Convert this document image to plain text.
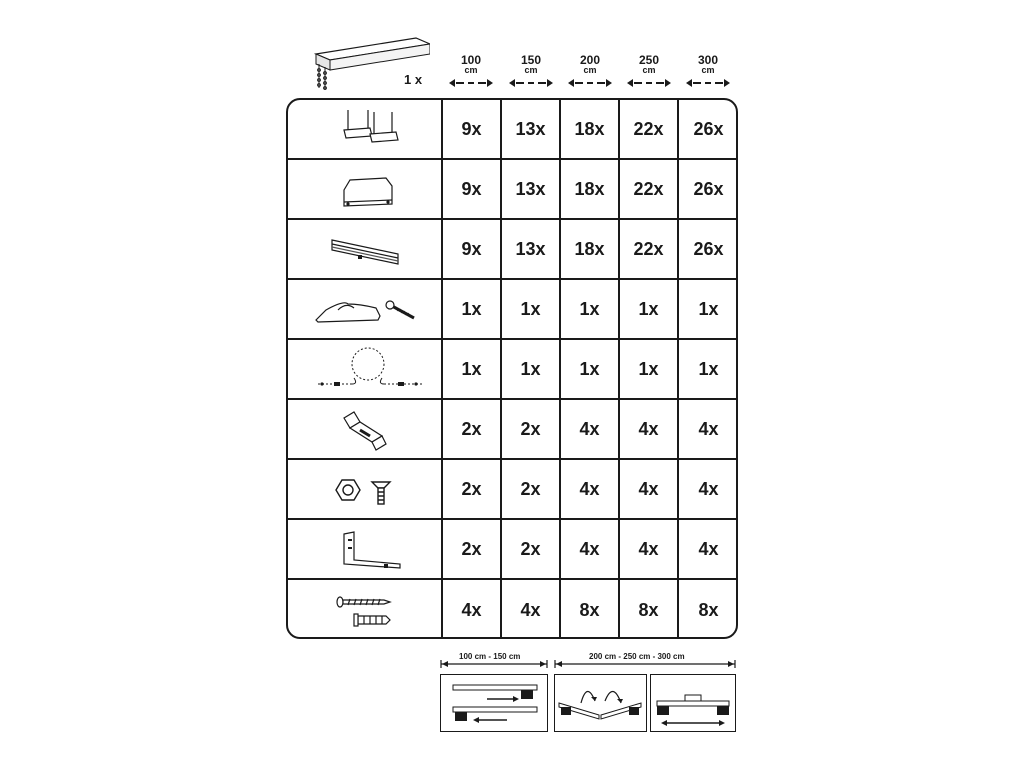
1 x
100
cm
150
cm
200
cm
250
cm
300
cm
9x	13x	18x	22x	26x
9x	13x	18x	22x	26x
9x	13x	18x	22x	26x
1x	1x	1x	1x	1x
1x	1x	1x	1x	1x
2x	2x	4x	4x	4x
2x	2x	4x	4x	4x
2x	2x	4x	4x	4x
4x	4x	8x	8x	8x
100 cm - 150 cm	200 cm - 250 cm - 300 cm
